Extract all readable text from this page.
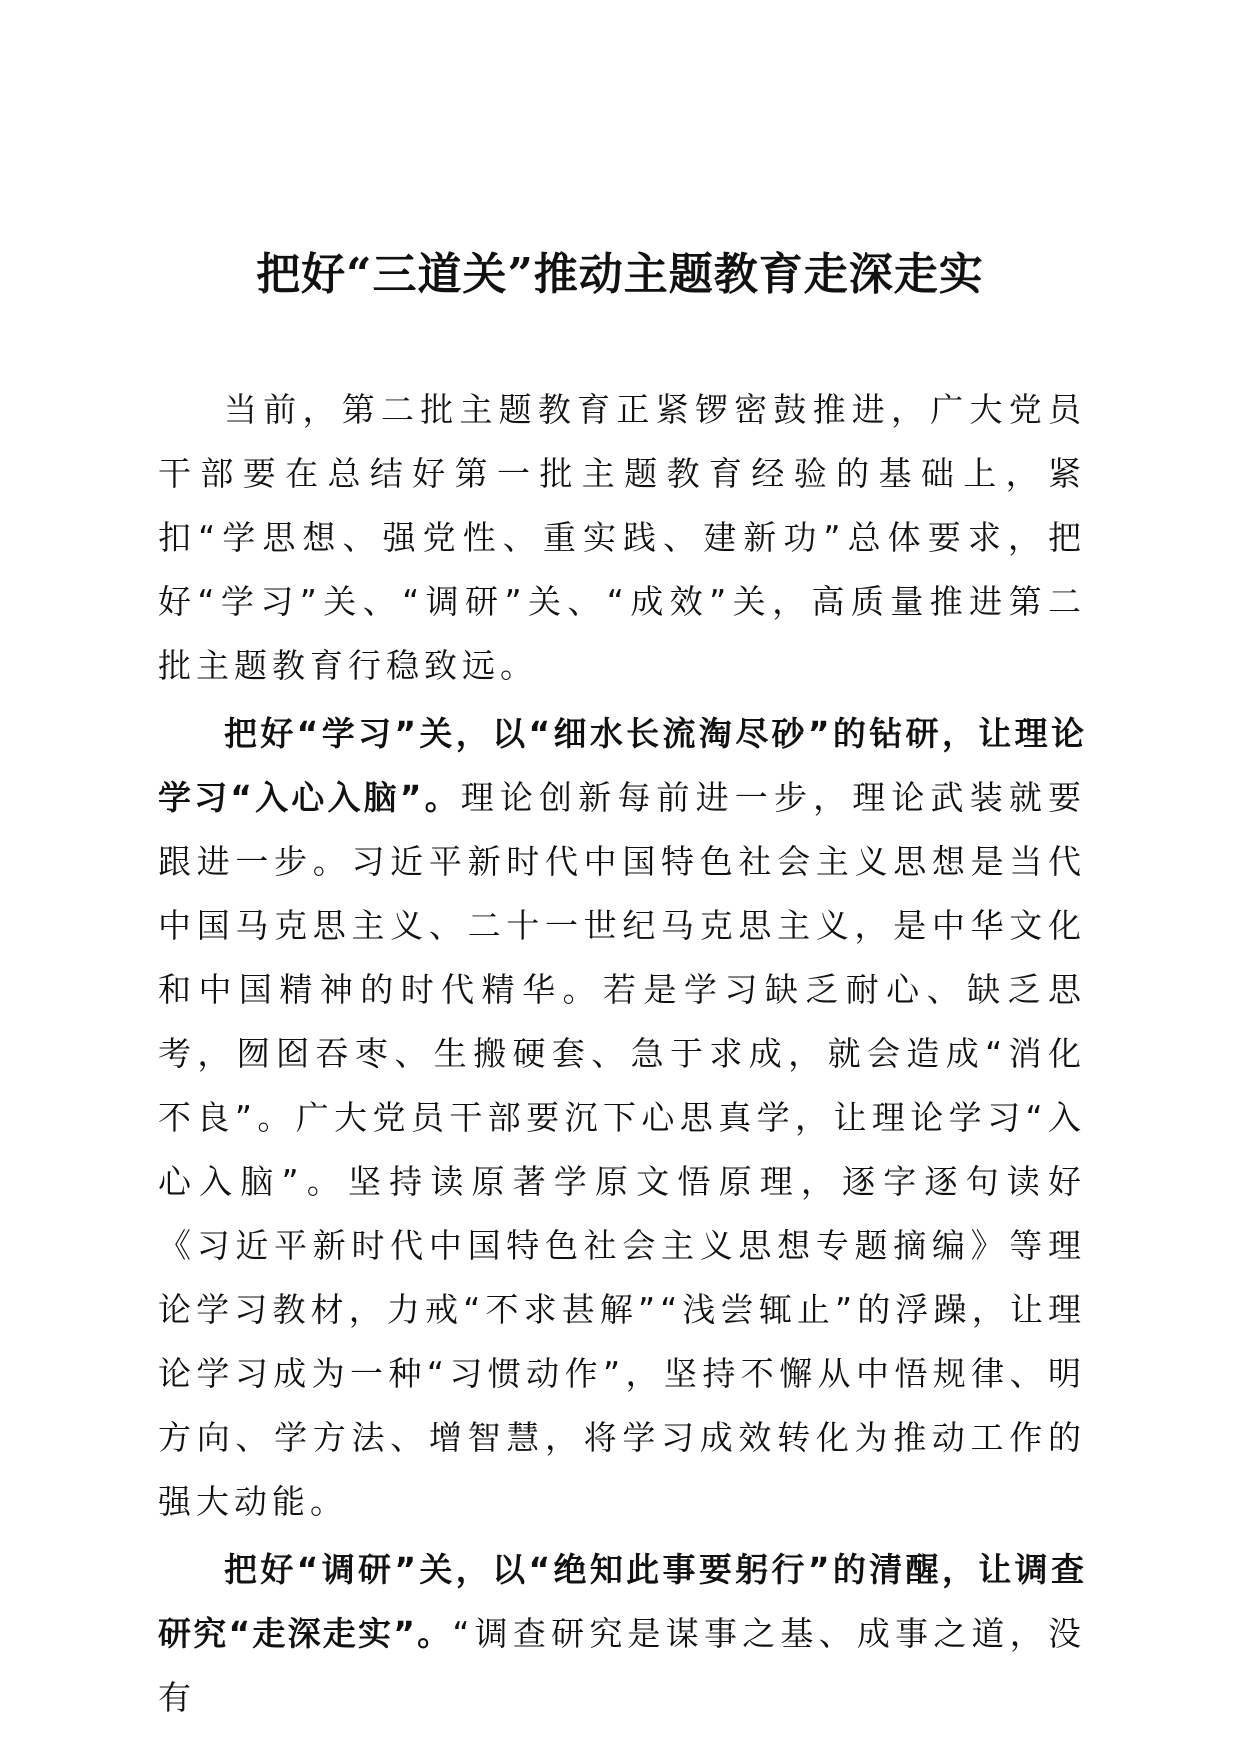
把好“三道关”推动主题教育走深走实

当前，第二批主题教育正紧锣密鼓推进，广大党员干部要在总结好第一批主题教育经验的基础上，紧扣“学思想、强党性、重实践、建新功”总体要求，把好“学习”关、“调研”关、“成效”关，高质量推进第二批主题教育行稳致远。

把好“学习”关，以“细水长流淘尽砂”的钻研，让理论学习“入心入脑”。理论创新每前进一步，理论武装就要跟进一步。习近平新时代中国特色社会主义思想是当代中国马克思主义、二十一世纪马克思主义，是中华文化和中国精神的时代精华。若是学习缺乏耐心、缺乏思考，囫囵吞枣、生搬硬套、急于求成，就会造成“消化不良”。广大党员干部要沉下心思真学，让理论学习“入心入脑”。坚持读原著学原文悟原理，逐字逐句读好《习近平新时代中国特色社会主义思想专题摘编》等理论学习教材，力戒“不求甚解”“浅尝辄止”的浮躁，让理论学习成为一种“习惯动作”，坚持不懈从中悟规律、明方向、学方法、增智慧，将学习成效转化为推动工作的强大动能。

把好“调研”关，以“绝知此事要躬行”的清醒，让调查研究“走深走实”。“调查研究是谋事之基、成事之道，没有
